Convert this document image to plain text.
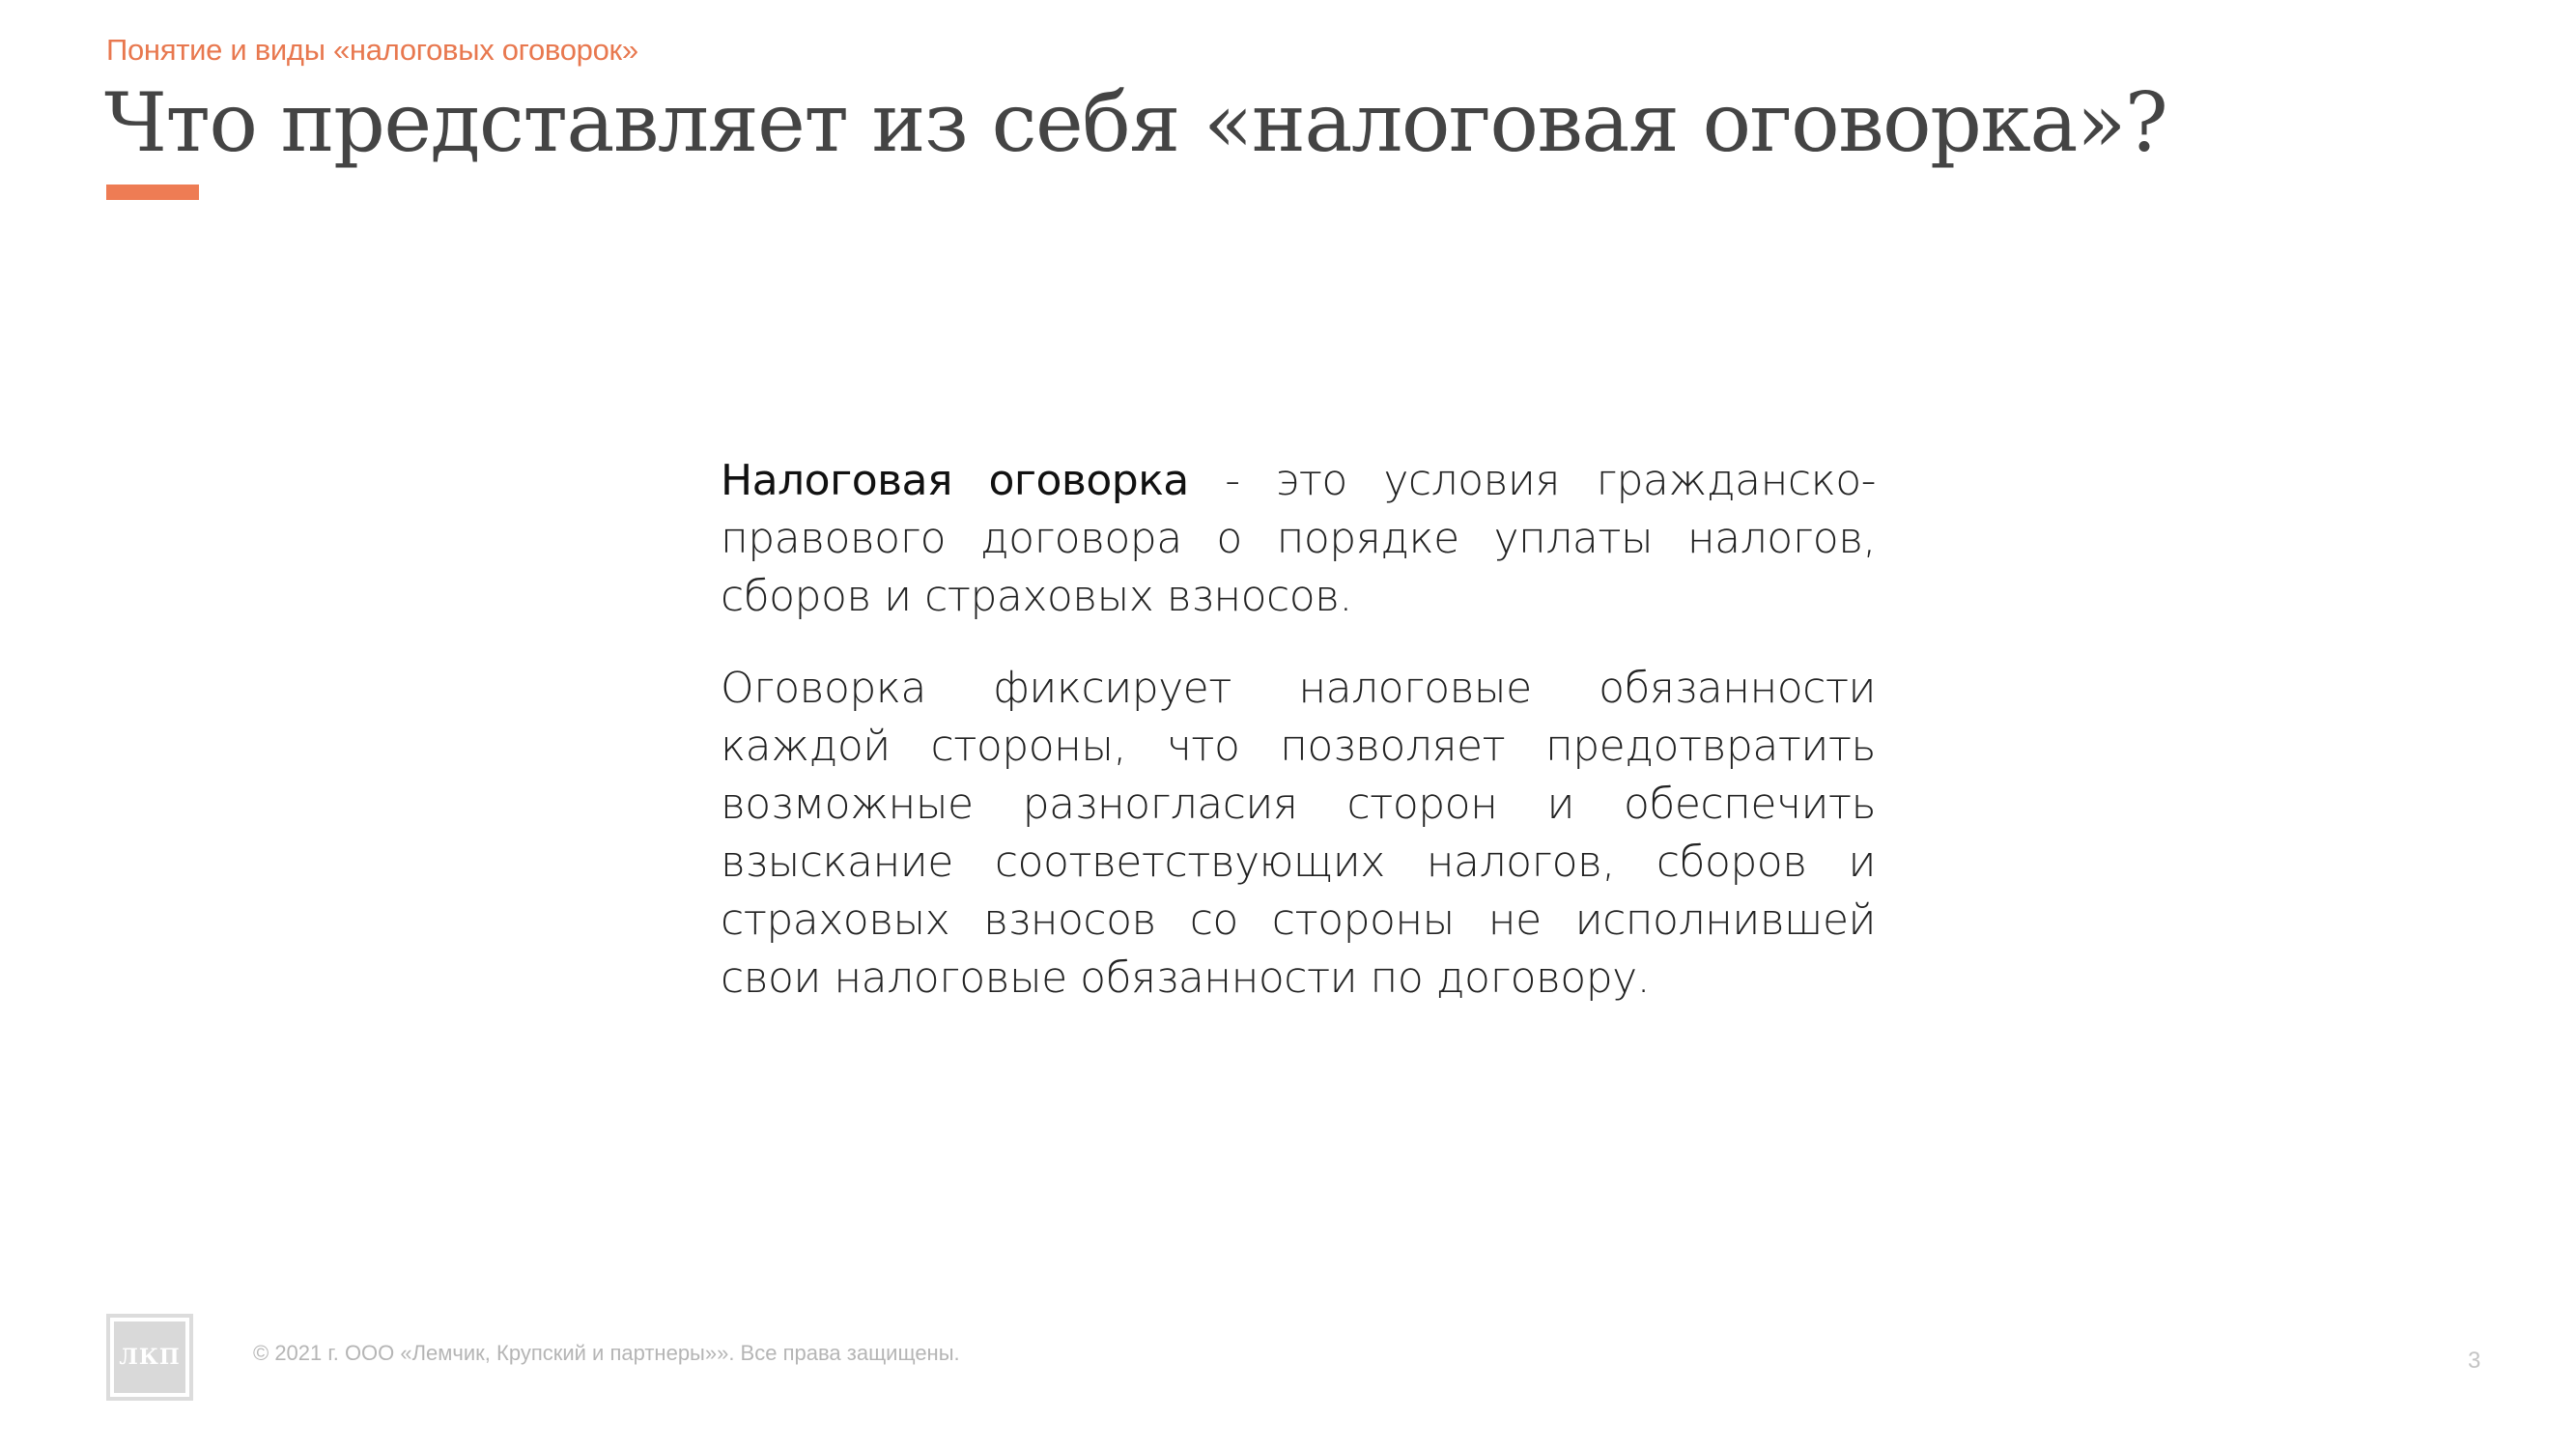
Понятие и виды «налоговых оговорок»
Что представляет из себя «налоговая оговорка»?

Налоговая оговорка - это условия гражданско-правового договора о порядке уплаты налогов, сборов и страховых взносов.

Оговорка фиксирует налоговые обязанности каждой стороны, что позволяет предотвратить возможные разногласия сторон и обеспечить взыскание соответствующих налогов, сборов и страховых взносов со стороны не исполнившей свои налоговые обязанности по договору.

ЛКП	© 2021 г. ООО «Лемчик, Крупский и партнеры»». Все права защищены.	3
